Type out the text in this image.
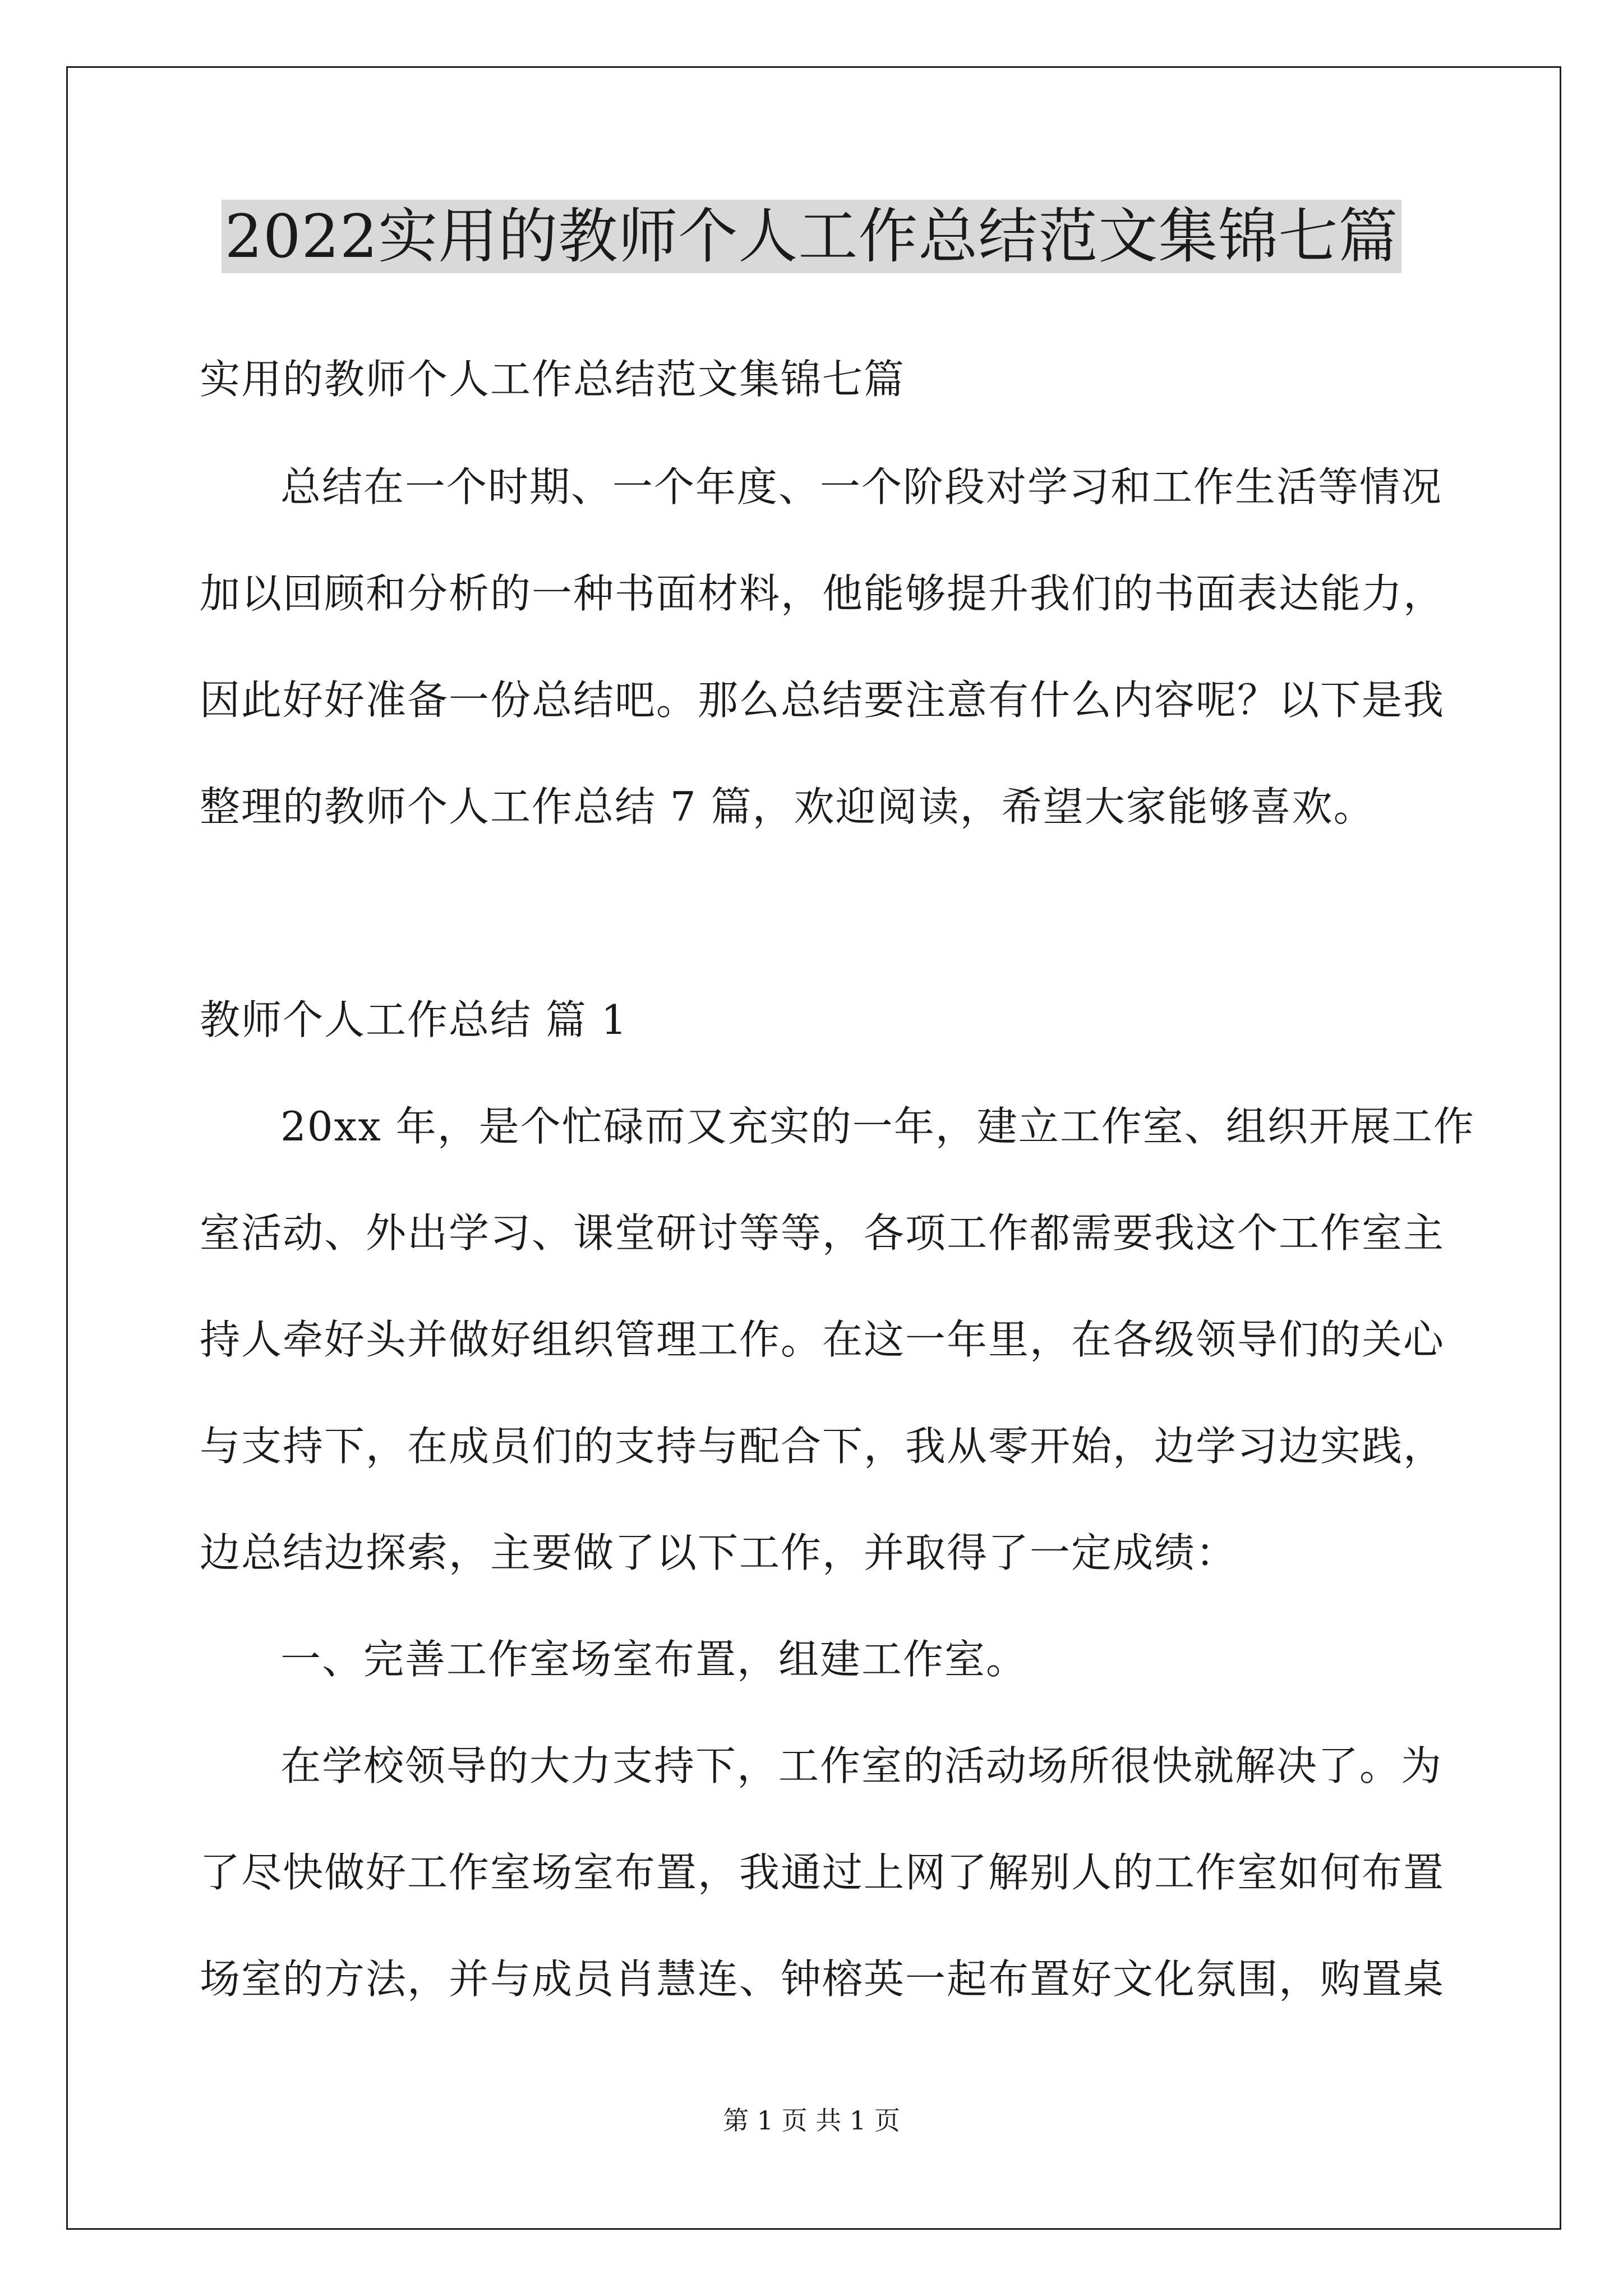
2022实用的教师个人工作总结范文集锦七篇

实用的教师个人工作总结范文集锦七篇

总结在一个时期、一个年度、一个阶段对学习和工作生活等情况

加以回顾和分析的一种书面材料，他能够提升我们的书面表达能力，

因此好好准备一份总结吧。那么总结要注意有什么内容呢？以下是我

整理的教师个人工作总结 7 篇，欢迎阅读，希望大家能够喜欢。

教师个人工作总结 篇 1

20xx 年，是个忙碌而又充实的一年，建立工作室、组织开展工作

室活动、外出学习、课堂研讨等等，各项工作都需要我这个工作室主

持人牵好头并做好组织管理工作。在这一年里，在各级领导们的关心

与支持下，在成员们的支持与配合下，我从零开始，边学习边实践，

边总结边探索，主要做了以下工作，并取得了一定成绩：

一、完善工作室场室布置，组建工作室。

在学校领导的大力支持下，工作室的活动场所很快就解决了。为

了尽快做好工作室场室布置，我通过上网了解别人的工作室如何布置

场室的方法，并与成员肖慧连、钟榕英一起布置好文化氛围，购置桌

第 1 页 共 1 页
